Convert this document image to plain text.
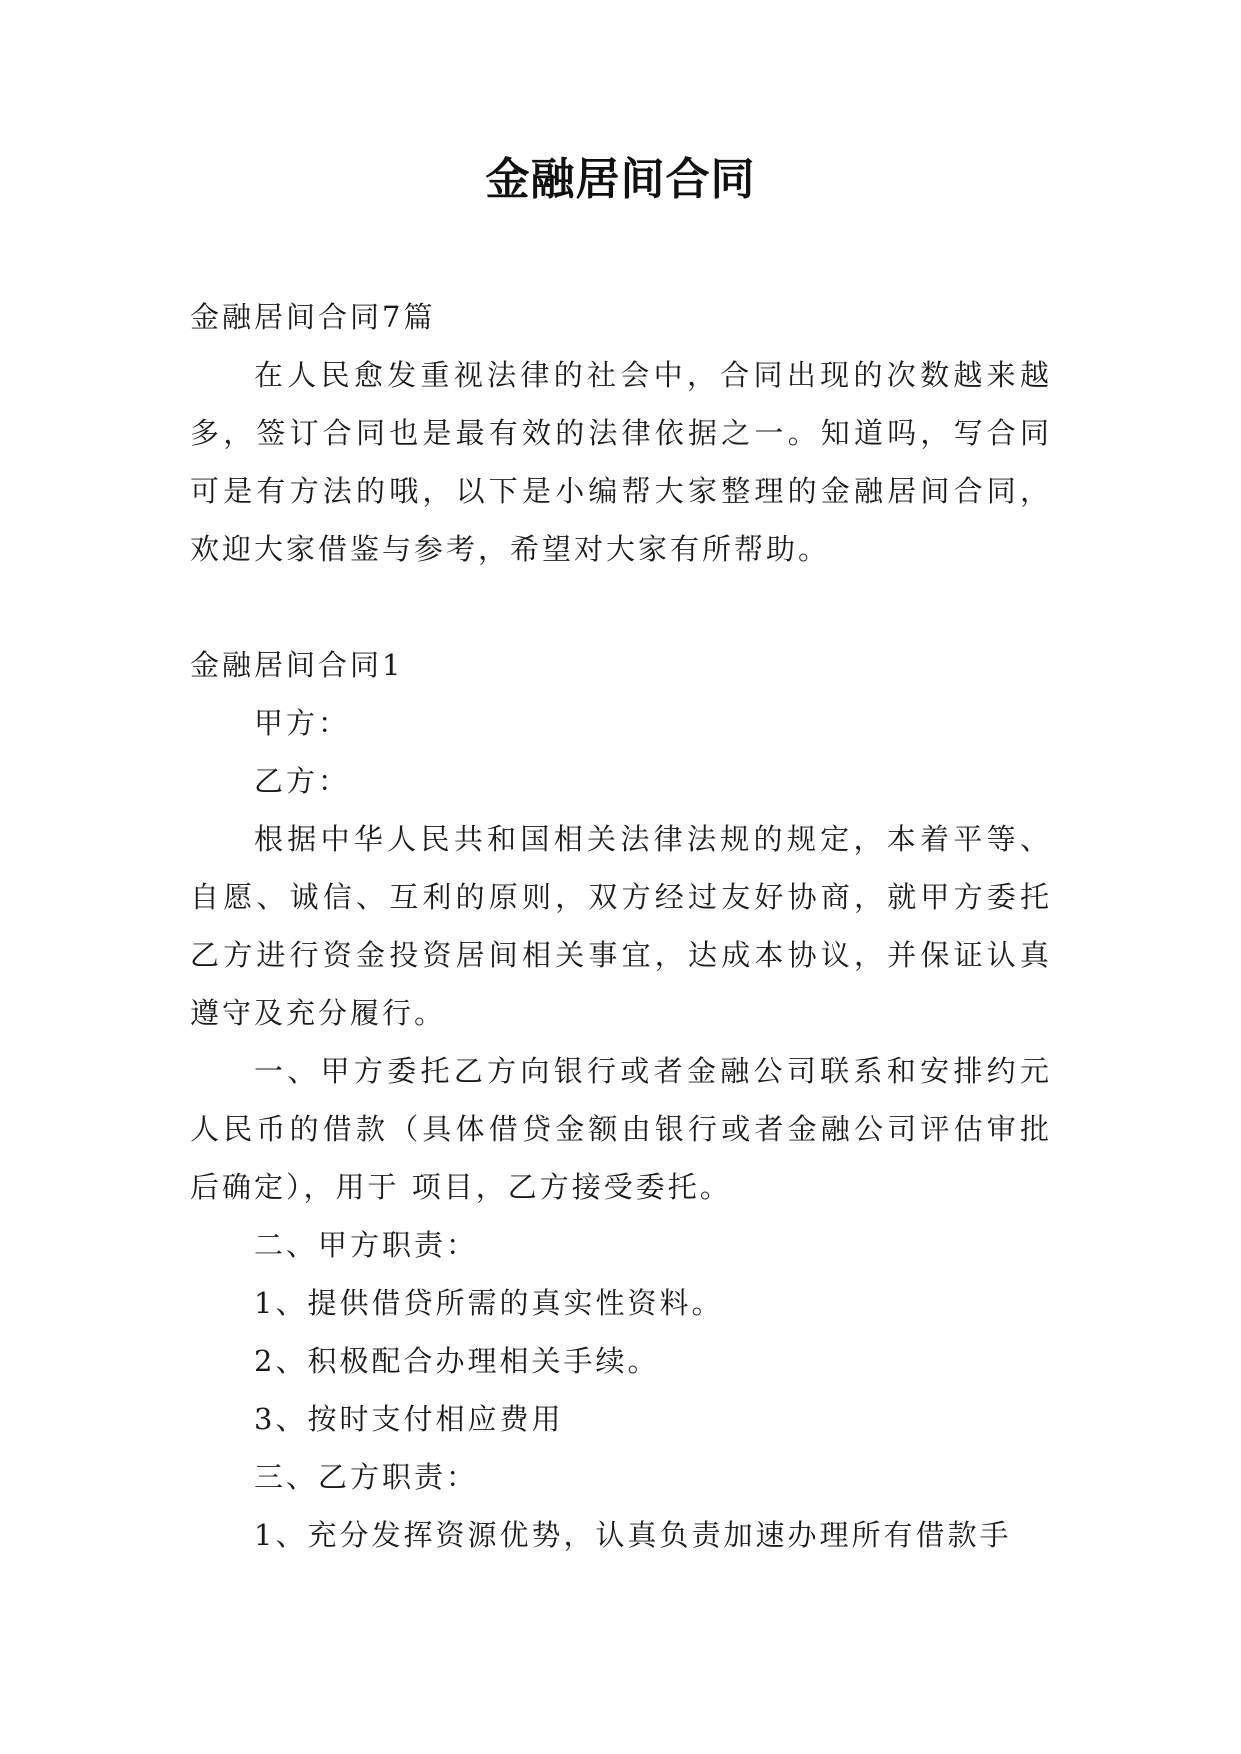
金融居间合同

金融居间合同7篇

在人民愈发重视法律的社会中，合同出现的次数越来越多，签订合同也是最有效的法律依据之一。知道吗，写合同可是有方法的哦，以下是小编帮大家整理的金融居间合同，欢迎大家借鉴与参考，希望对大家有所帮助。

金融居间合同1

甲方：

乙方：

根据中华人民共和国相关法律法规的规定，本着平等、自愿、诚信、互利的原则，双方经过友好协商，就甲方委托乙方进行资金投资居间相关事宜，达成本协议，并保证认真遵守及充分履行。

一、甲方委托乙方向银行或者金融公司联系和安排约元人民币的借款（具体借贷金额由银行或者金融公司评估审批后确定），用于 项目，乙方接受委托。

二、甲方职责：

1、提供借贷所需的真实性资料。

2、积极配合办理相关手续。

3、按时支付相应费用

三、乙方职责：

1、充分发挥资源优势，认真负责加速办理所有借款手
